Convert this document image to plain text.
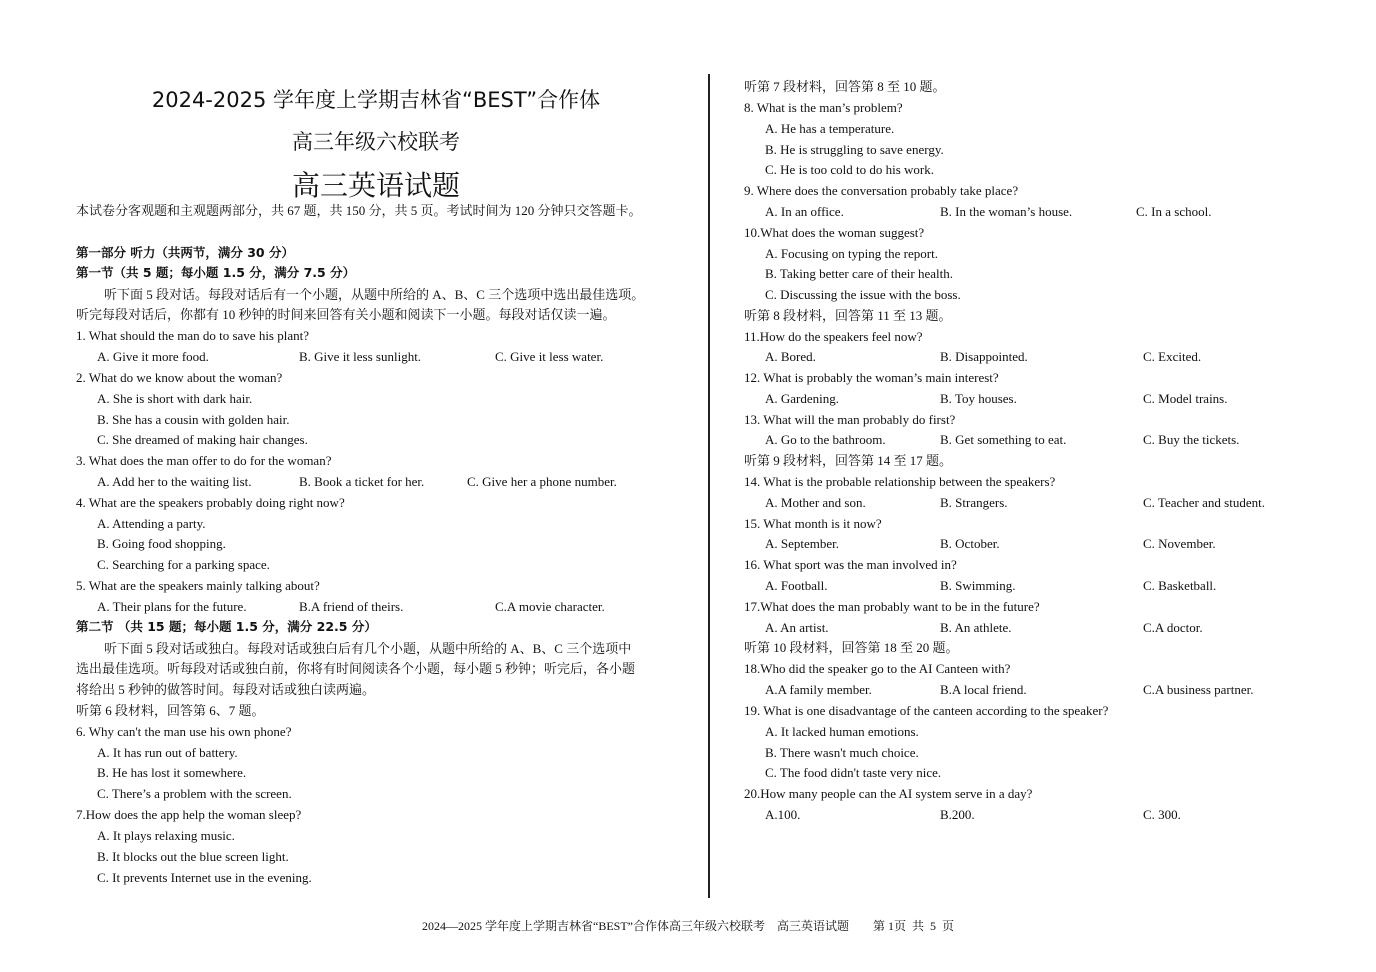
2024-2025 学年度上学期吉林省“BEST”合作体
高三年级六校联考
高三英语试题
本试卷分客观题和主观题两部分，共 67 题，共 150 分，共 5 页。考试时间为 120 分钟只交答题卡。
第一部分 听力（共两节，满分 30 分）
第一节（共 5 题；每小题 1.5 分，满分 7.5 分）
听下面 5 段对话。每段对话后有一个小题，从题中所给的 A、B、C 三个选项中选出最佳选项。
听完每段对话后，你都有 10 秒钟的时间来回答有关小题和阅读下一小题。每段对话仅读一遍。
1. What should the man do to save his plant?
A. Give it more food.	B. Give it less sunlight.	C. Give it less water.
2. What do we know about the woman?
A. She is short with dark hair.
B. She has a cousin with golden hair.
C. She dreamed of making hair changes.
3. What does the man offer to do for the woman?
A. Add her to the waiting list.	B. Book a ticket for her.	C. Give her a phone number.
4. What are the speakers probably doing right now?
A. Attending a party.
B. Going food shopping.
C. Searching for a parking space.
5. What are the speakers mainly talking about?
A. Their plans for the future.	B.A friend of theirs.	C.A movie character.
第二节 （共 15 题；每小题 1.5 分，满分 22.5 分）
听下面 5 段对话或独白。每段对话或独白后有几个小题，从题中所给的 A、B、C 三个选项中
选出最佳选项。听每段对话或独白前，你将有时间阅读各个小题，每小题 5 秒钟；听完后，各小题
将给出 5 秒钟的做答时间。每段对话或独白读两遍。
听第 6 段材料，回答第 6、7 题。
6. Why can't the man use his own phone?
A. It has run out of battery.
B. He has lost it somewhere.
C. There’s a problem with the screen.
7.How does the app help the woman sleep?
A. It plays relaxing music.
B. It blocks out the blue screen light.
C. It prevents Internet use in the evening.
听第 7 段材料，回答第 8 至 10 题。
8. What is the man’s problem?
A. He has a temperature.
B. He is struggling to save energy.
C. He is too cold to do his work.
9. Where does the conversation probably take place?
A. In an office.	B. In the woman’s house.	C. In a school.
10.What does the woman suggest?
A. Focusing on typing the report.
B. Taking better care of their health.
C. Discussing the issue with the boss.
听第 8 段材料，回答第 11 至 13 题。
11.How do the speakers feel now?
A. Bored.	B. Disappointed.	C. Excited.
12. What is probably the woman’s main interest?
A. Gardening.	B. Toy houses.	C. Model trains.
13. What will the man probably do first?
A. Go to the bathroom.	B. Get something to eat.	C. Buy the tickets.
听第 9 段材料，回答第 14 至 17 题。
14. What is the probable relationship between the speakers?
A. Mother and son.	B. Strangers.	C. Teacher and student.
15. What month is it now?
A. September.	B. October.	C. November.
16. What sport was the man involved in?
A. Football.	B. Swimming.	C. Basketball.
17.What does the man probably want to be in the future?
A. An artist.	B. An athlete.	C.A doctor.
听第 10 段材料，回答第 18 至 20 题。
18.Who did the speaker go to the AI Canteen with?
A.A family member.	B.A local friend.	C.A business partner.
19. What is one disadvantage of the canteen according to the speaker?
A. It lacked human emotions.
B. There wasn't much choice.
C. The food didn't taste very nice.
20.How many people can the AI system serve in a day?
A.100.	B.200.	C. 300.
2024—2025 学年度上学期吉林省“BEST”合作体高三年级六校联考    高三英语试题        第 1页  共  5  页
